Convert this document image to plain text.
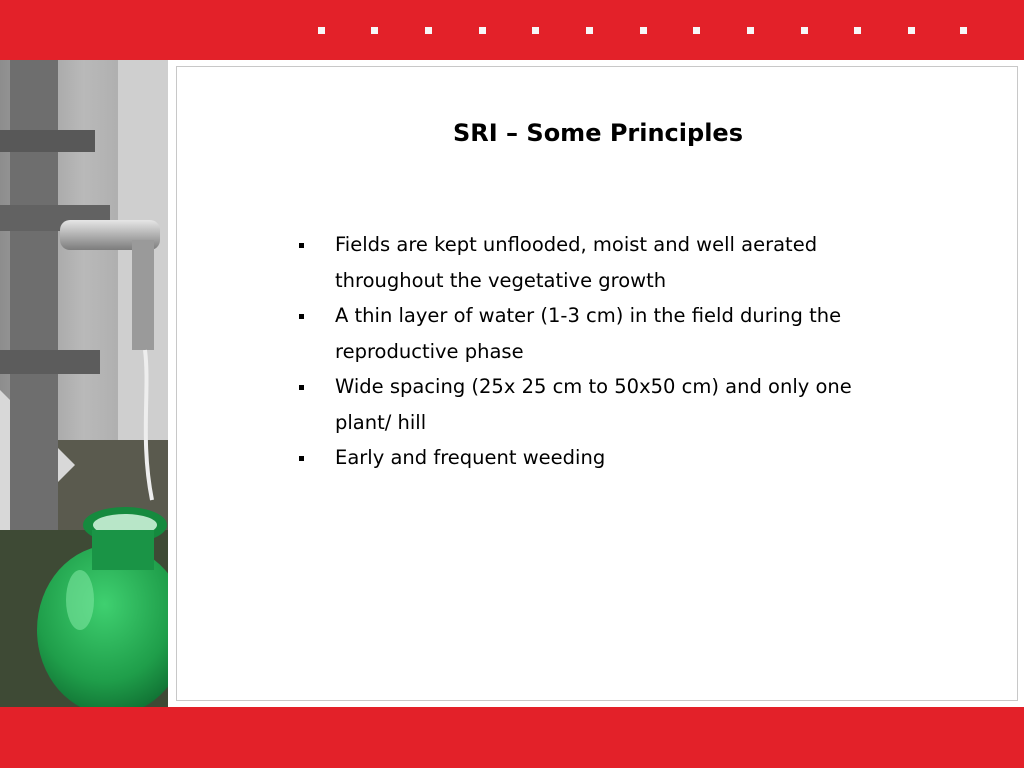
SRI – Some Principles
Fields are kept unflooded, moist and well aerated throughout the vegetative growth
A thin layer of water (1-3 cm) in the field during the reproductive phase
Wide spacing (25x 25 cm to 50x50 cm) and only one plant/ hill
Early and frequent weeding
